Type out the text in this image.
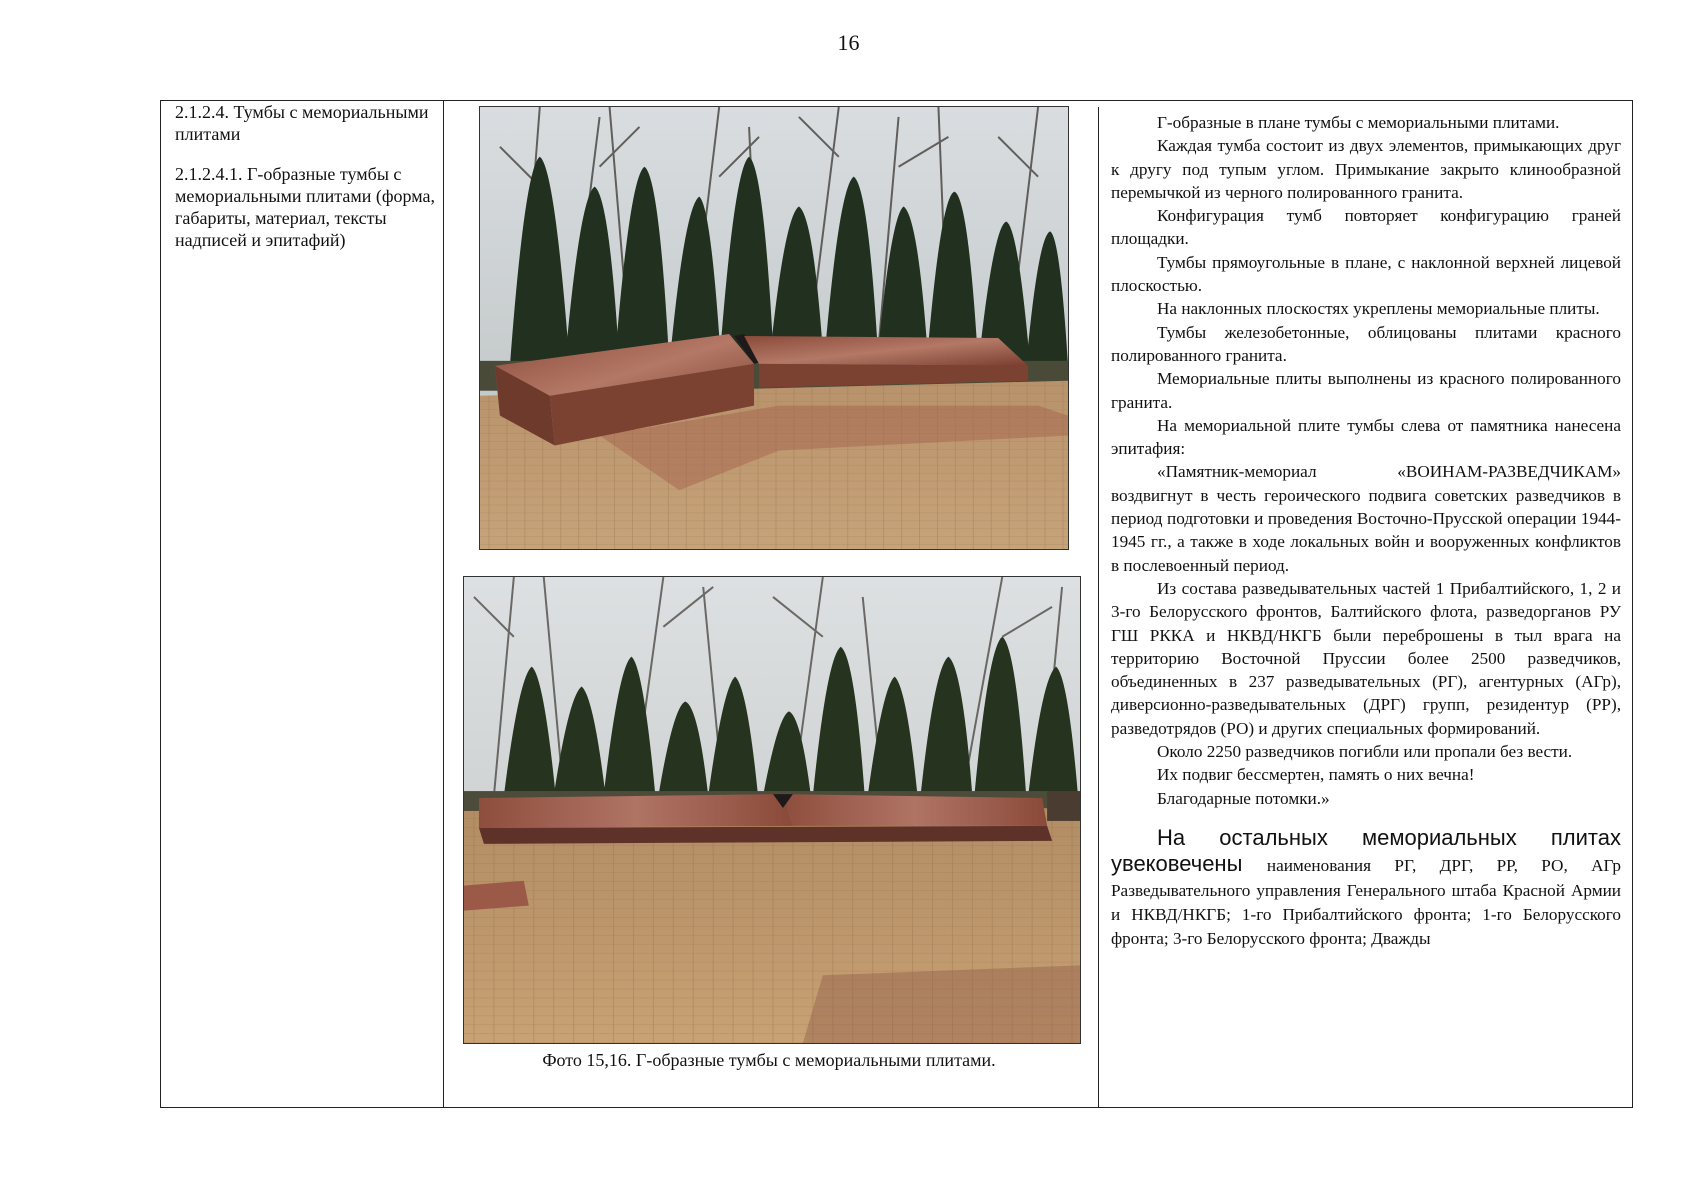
16

2.1.2.4. Тумбы с мемориальными плитами

2.1.2.4.1. Г-образные тумбы с мемориальными плитами (форма, габариты, материал, тексты надписей и эпитафий)

Фото 15,16. Г-образные тумбы с мемориальными плитами.

Г-образные в плане тумбы с мемориальными плитами.

Каждая тумба состоит из двух элементов, примыкающих друг к другу под тупым углом. Примыкание закрыто клинообразной перемычкой из черного полированного гранита.

Конфигурация тумб повторяет конфигурацию граней площадки.

Тумбы прямоугольные в плане, с наклонной верхней лицевой плоскостью.

На наклонных плоскостях укреплены мемориальные плиты.

Тумбы железобетонные, облицованы плитами красного полированного гранита.

Мемориальные плиты выполнены из красного полированного гранита.

На мемориальной плите тумбы слева от памятника нанесена эпитафия:

«Памятник-мемориал «ВОИНАМ-РАЗВЕДЧИКАМ» воздвигнут в честь героического подвига советских разведчиков в период подготовки и проведения Восточно-Прусской операции 1944-1945 гг., а также в ходе локальных войн и вооруженных конфликтов в послевоенный период.

Из состава разведывательных частей 1 Прибалтийского, 1, 2 и 3-го Белорусского фронтов, Балтийского флота, разведорганов РУ ГШ РККА и НКВД/НКГБ были переброшены в тыл врага на территорию Восточной Пруссии более 2500 разведчиков, объединенных в 237 разведывательных (РГ), агентурных (АГр), диверсионно-разведывательных (ДРГ) групп, резидентур (РР), разведотрядов (РО) и других специальных формирований.

Около 2250 разведчиков погибли или пропали без вести.

Их подвиг бессмертен, память о них вечна!

Благодарные потомки.»

На остальных мемориальных плитах увековечены наименования РГ, ДРГ, РР, РО, АГр Разведывательного управления Генерального штаба Красной Армии и НКВД/НКГБ; 1-го Прибалтийского фронта; 1-го Белорусского фронта; 3-го Белорусского фронта; Дважды
